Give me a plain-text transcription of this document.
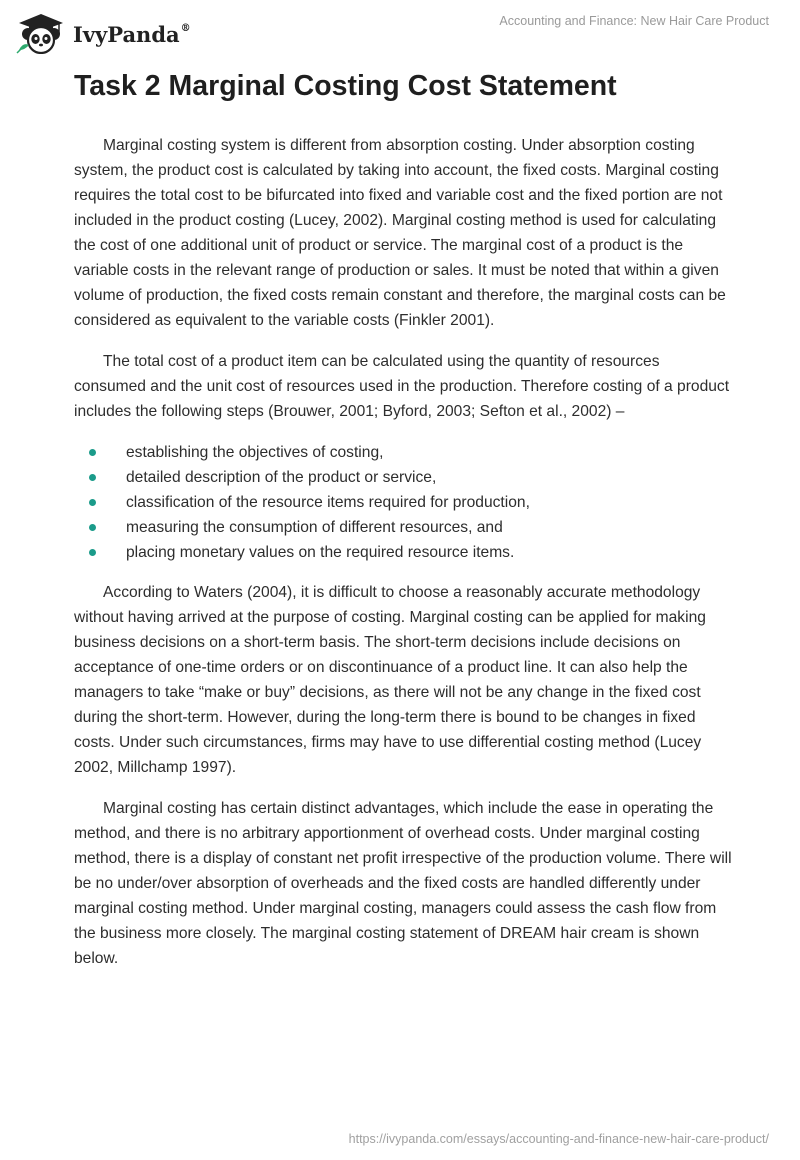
IvyPanda®	Accounting and Finance: New Hair Care Product
Task 2 Marginal Costing Cost Statement

Marginal costing system is different from absorption costing. Under absorption costing system, the product cost is calculated by taking into account, the fixed costs. Marginal costing requires the total cost to be bifurcated into fixed and variable cost and the fixed portion are not included in the product costing (Lucey, 2002). Marginal costing method is used for calculating the cost of one additional unit of product or service. The marginal cost of a product is the variable costs in the relevant range of production or sales. It must be noted that within a given volume of production, the fixed costs remain constant and therefore, the marginal costs can be considered as equivalent to the variable costs (Finkler 2001).

The total cost of a product item can be calculated using the quantity of resources consumed and the unit cost of resources used in the production. Therefore costing of a product includes the following steps (Brouwer, 2001; Byford, 2003; Sefton et al., 2002) –

establishing the objectives of costing,
detailed description of the product or service,
classification of the resource items required for production,
measuring the consumption of different resources, and
placing monetary values on the required resource items.

According to Waters (2004), it is difficult to choose a reasonably accurate methodology without having arrived at the purpose of costing. Marginal costing can be applied for making business decisions on a short-term basis. The short-term decisions include decisions on acceptance of one-time orders or on discontinuance of a product line. It can also help the managers to take “make or buy” decisions, as there will not be any change in the fixed cost during the short-term. However, during the long-term there is bound to be changes in fixed costs. Under such circumstances, firms may have to use differential costing method (Lucey 2002, Millchamp 1997).

Marginal costing has certain distinct advantages, which include the ease in operating the method, and there is no arbitrary apportionment of overhead costs. Under marginal costing method, there is a display of constant net profit irrespective of the production volume. There will be no under/over absorption of overheads and the fixed costs are handled differently under marginal costing method. Under marginal costing, managers could assess the cash flow from the business more closely. The marginal costing statement of DREAM hair cream is shown below.

https://ivypanda.com/essays/accounting-and-finance-new-hair-care-product/
